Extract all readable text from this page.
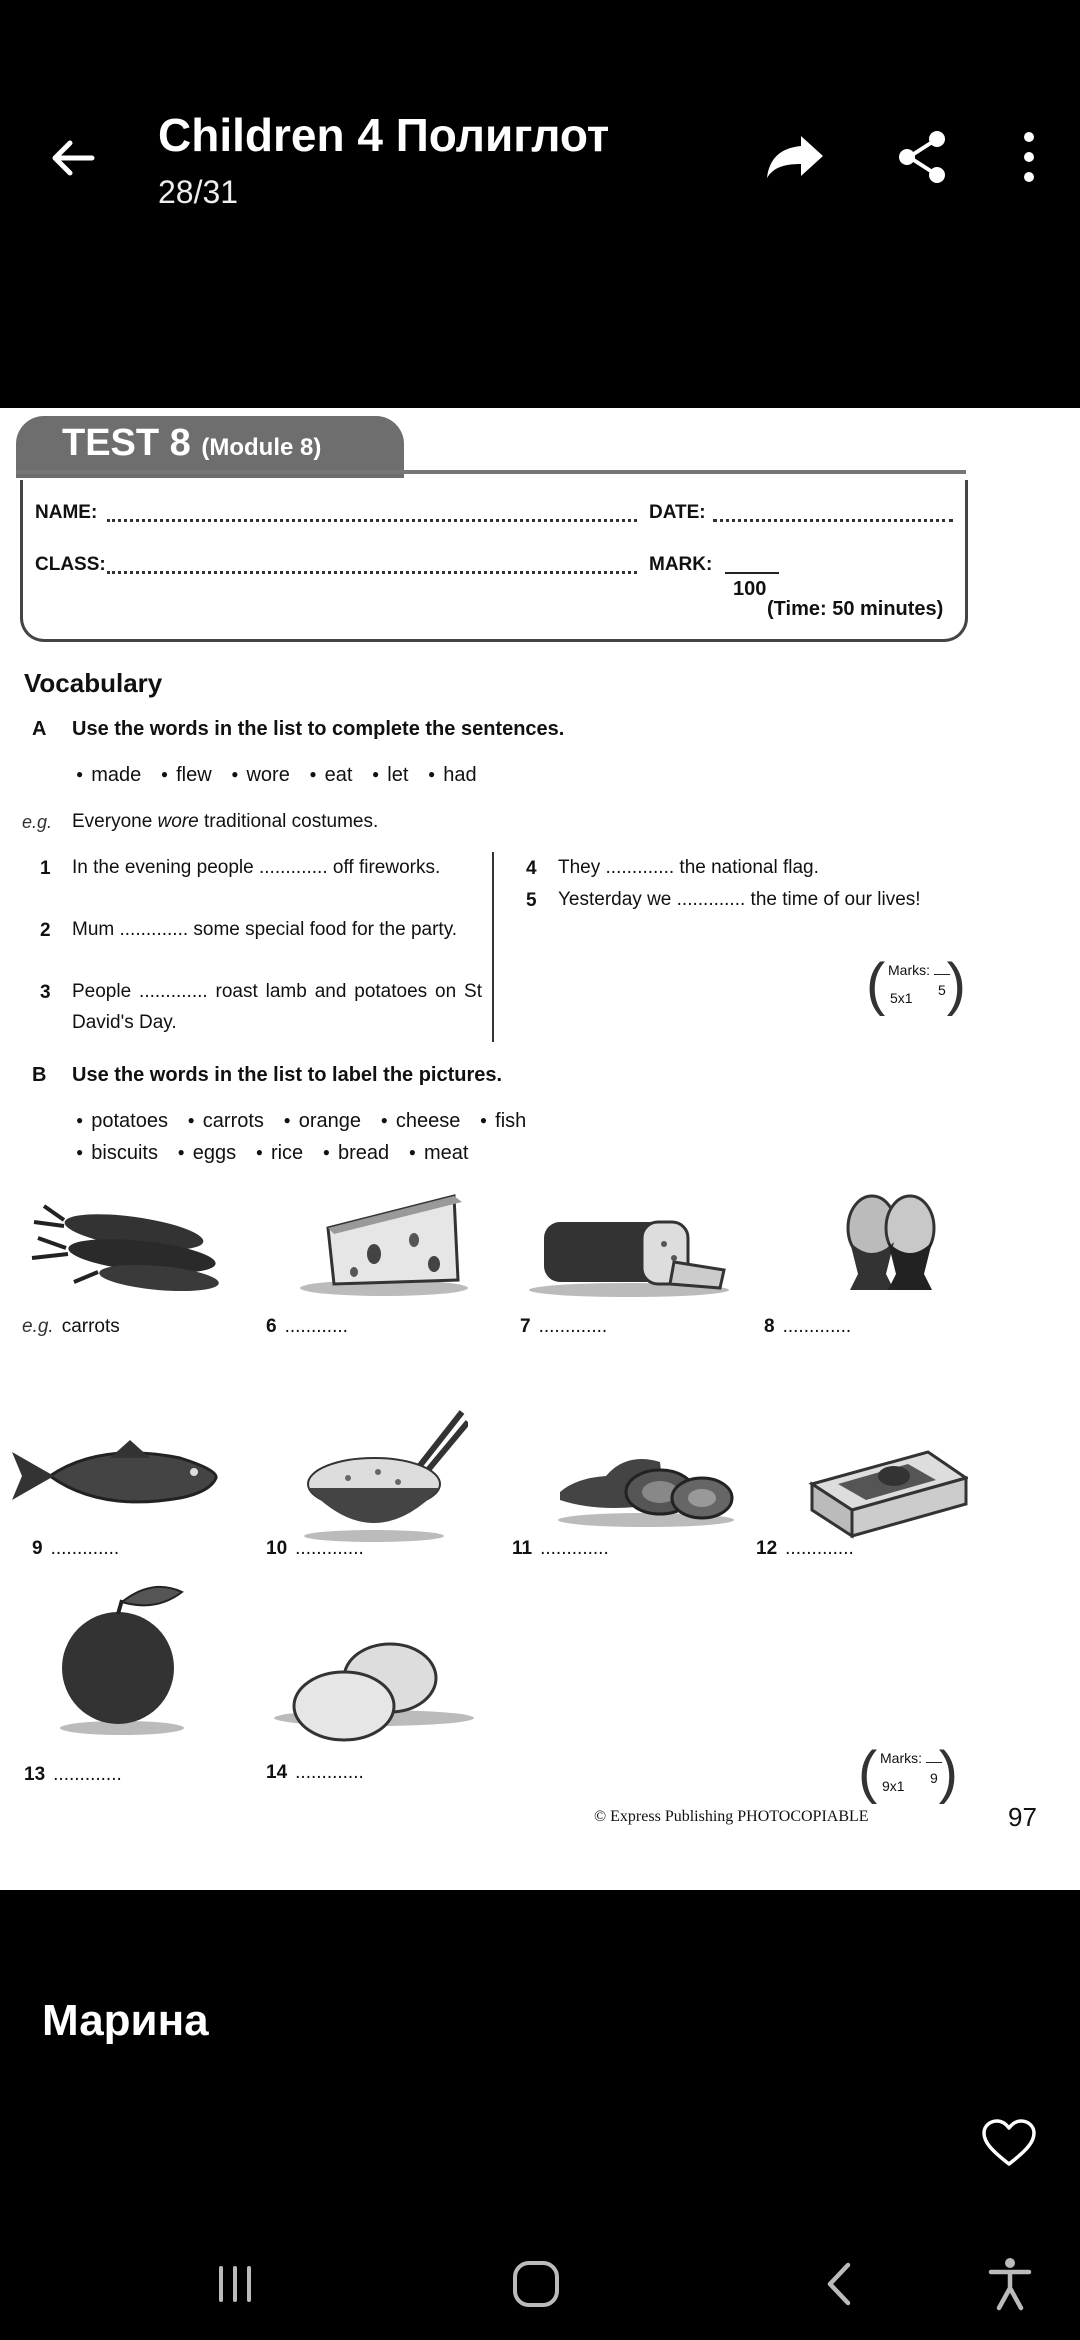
Children 4 Полиглот
28/31
TEST 8 (Module 8)
NAME:	DATE:
CLASS:	MARK:
100
(Time: 50 minutes)
Vocabulary
A Use the words in the list to complete the sentences.
● made ● flew ● wore ● eat ● let ● had
e.g. Everyone wore traditional costumes.
1 In the evening people ............. off fireworks.
2 Mum ............. some special food for the party.
3 People ............. roast lamb and potatoes on St David's Day.
4 They ............. the national flag.
5 Yesterday we ............. the time of our lives!
( Marks:
5x1 5 )
B Use the words in the list to label the pictures.
● potatoes ● carrots ● orange ● cheese ● fish
● biscuits ● eggs ● rice ● bread ● meat
e.g. carrots	6 ............	7 .............	8 .............
9 .............	10 .............	11 .............	12 .............
13 .............	14 .............	( Marks:
9x1 9 )
© Express Publishing PHOTOCOPIABLE	97
Марина
